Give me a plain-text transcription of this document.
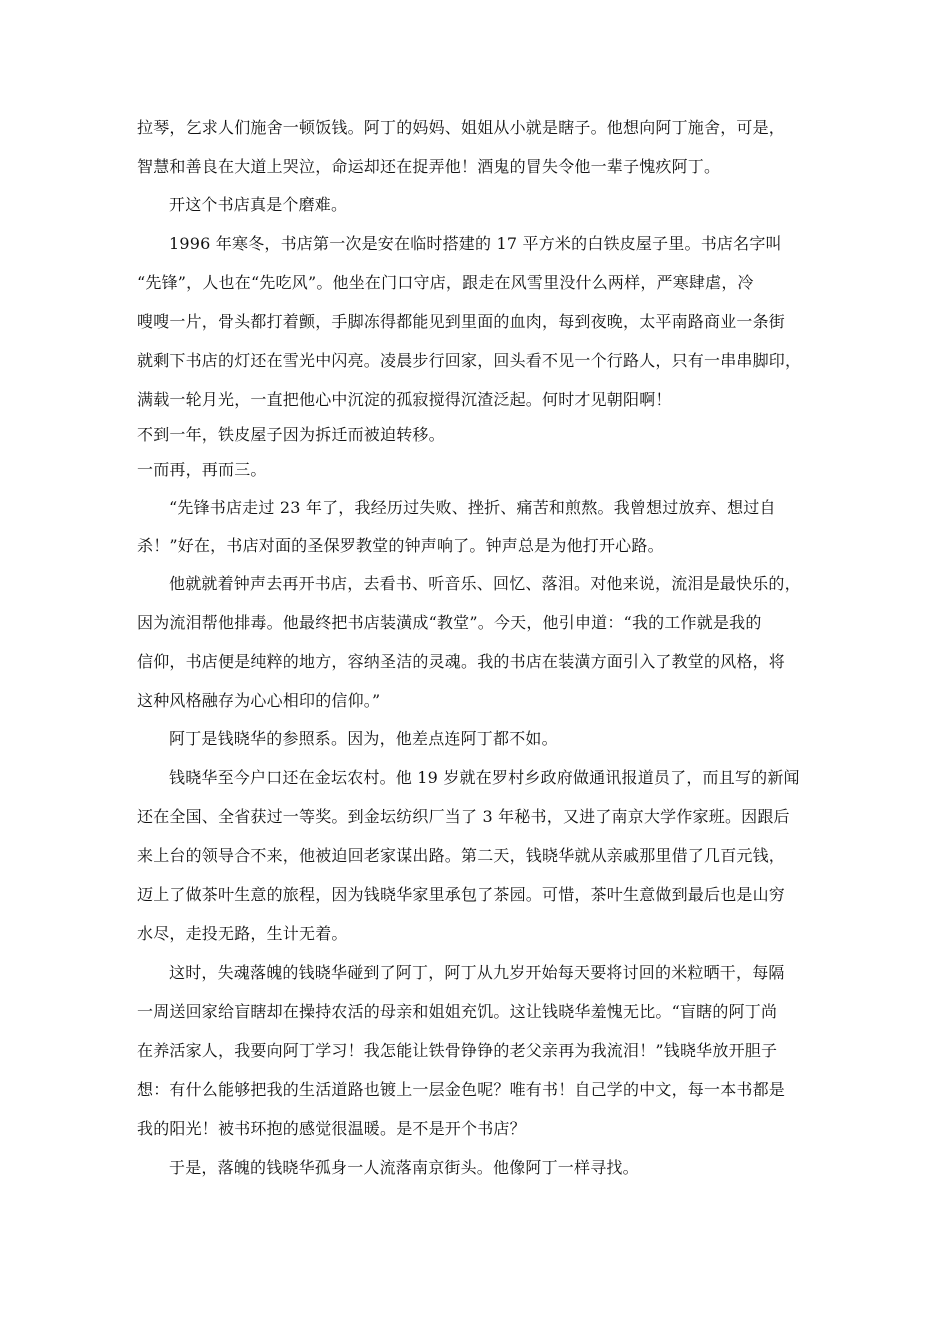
拉琴，乞求人们施舍一顿饭钱。阿丁的妈妈、姐姐从小就是瞎子。他想向阿丁施舍，可是，

智慧和善良在大道上哭泣，命运却还在捉弄他！酒鬼的冒失令他一辈子愧疚阿丁。

开这个书店真是个磨难。

1996 年寒冬，书店第一次是安在临时搭建的 17 平方米的白铁皮屋子里。书店名字叫

“先锋”，人也在“先吃风”。他坐在门口守店，跟走在风雪里没什么两样，严寒肆虐，冷

嗖嗖一片，骨头都打着颤，手脚冻得都能见到里面的血肉，每到夜晚，太平南路商业一条街

就剩下书店的灯还在雪光中闪亮。凌晨步行回家，回头看不见一个行路人，只有一串串脚印，

满载一轮月光，一直把他心中沉淀的孤寂搅得沉渣泛起。何时才见朝阳啊！

不到一年，铁皮屋子因为拆迁而被迫转移。

一而再，再而三。

“先锋书店走过 23 年了，我经历过失败、挫折、痛苦和煎熬。我曾想过放弃、想过自

杀！”好在，书店对面的圣保罗教堂的钟声响了。钟声总是为他打开心路。

他就就着钟声去再开书店，去看书、听音乐、回忆、落泪。对他来说，流泪是最快乐的，

因为流泪帮他排毒。他最终把书店装潢成“教堂”。今天，他引申道：“我的工作就是我的

信仰，书店便是纯粹的地方，容纳圣洁的灵魂。我的书店在装潢方面引入了教堂的风格，将

这种风格融存为心心相印的信仰。”

阿丁是钱晓华的参照系。因为，他差点连阿丁都不如。

钱晓华至今户口还在金坛农村。他 19 岁就在罗村乡政府做通讯报道员了，而且写的新闻

还在全国、全省获过一等奖。到金坛纺织厂当了 3 年秘书，又进了南京大学作家班。因跟后

来上台的领导合不来，他被迫回老家谋出路。第二天，钱晓华就从亲戚那里借了几百元钱，

迈上了做茶叶生意的旅程，因为钱晓华家里承包了茶园。可惜，茶叶生意做到最后也是山穷

水尽，走投无路，生计无着。

这时，失魂落魄的钱晓华碰到了阿丁，阿丁从九岁开始每天要将讨回的米粒晒干，每隔

一周送回家给盲瞎却在操持农活的母亲和姐姐充饥。这让钱晓华羞愧无比。“盲瞎的阿丁尚

在养活家人，我要向阿丁学习！我怎能让铁骨铮铮的老父亲再为我流泪！”钱晓华放开胆子

想：有什么能够把我的生活道路也镀上一层金色呢？唯有书！自己学的中文，每一本书都是

我的阳光！被书环抱的感觉很温暖。是不是开个书店？

于是，落魄的钱晓华孤身一人流落南京街头。他像阿丁一样寻找。
